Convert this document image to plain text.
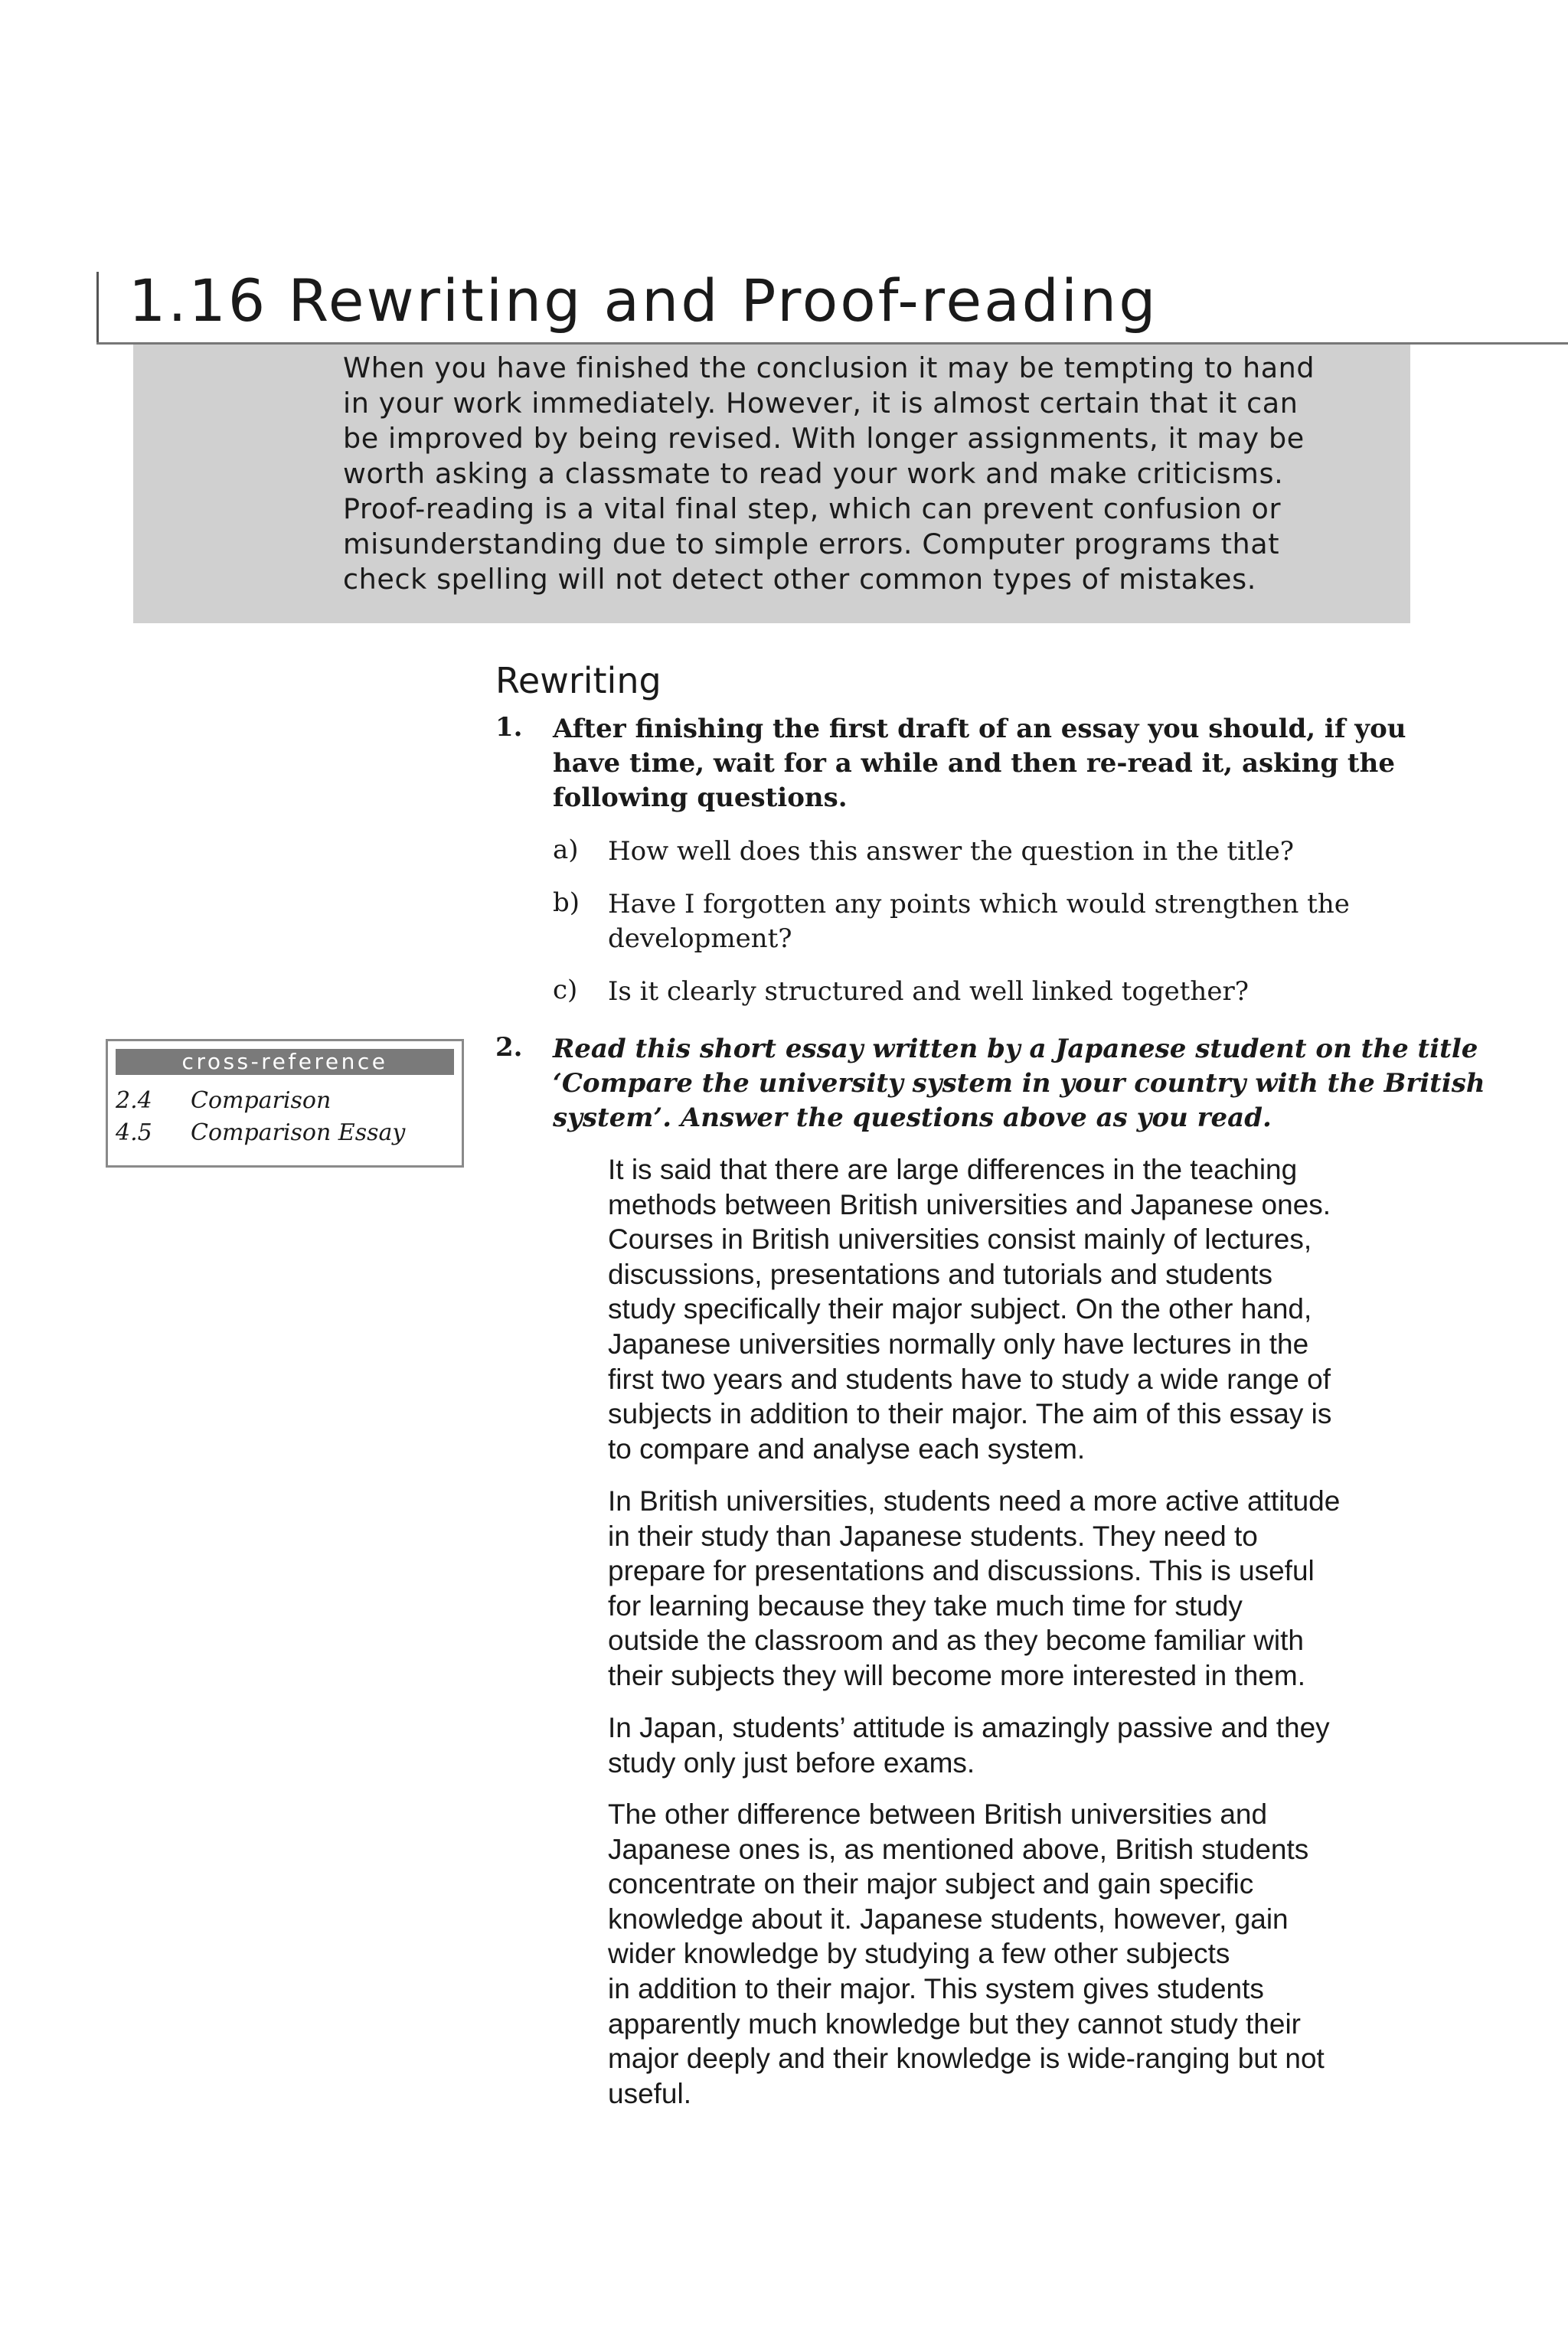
1.16 Rewriting and Proof-reading

When you have finished the conclusion it may be tempting to hand
in your work immediately. However, it is almost certain that it can
be improved by being revised. With longer assignments, it may be
worth asking a classmate to read your work and make criticisms.
Proof-reading is a vital final step, which can prevent confusion or
misunderstanding due to simple errors. Computer programs that
check spelling will not detect other common types of mistakes.

Rewriting
1. After finishing the first draft of an essay you should, if you
have time, wait for a while and then re-read it, asking the
following questions.

a) How well does this answer the question in the title?

b) Have I forgotten any points which would strengthen the
development?

c) Is it clearly structured and well linked together?

2. Read this short essay written by a Japanese student on the title
‘Compare the university system in your country with the British
system’. Answer the questions above as you read.

It is said that there are large differences in the teaching
methods between British universities and Japanese ones.
Courses in British universities consist mainly of lectures,
discussions, presentations and tutorials and students
study specifically their major subject. On the other hand,
Japanese universities normally only have lectures in the
first two years and students have to study a wide range of
subjects in addition to their major. The aim of this essay is
to compare and analyse each system.

In British universities, students need a more active attitude
in their study than Japanese students. They need to
prepare for presentations and discussions. This is useful
for learning because they take much time for study
outside the classroom and as they become familiar with
their subjects they will become more interested in them.

In Japan, students’ attitude is amazingly passive and they
study only just before exams.

The other difference between British universities and
Japanese ones is, as mentioned above, British students
concentrate on their major subject and gain specific
knowledge about it. Japanese students, however, gain
wider knowledge by studying a few other subjects
in addition to their major. This system gives students
apparently much knowledge but they cannot study their
major deeply and their knowledge is wide-ranging but not
useful.

cross-reference
2.4 Comparison
4.5 Comparison Essay
